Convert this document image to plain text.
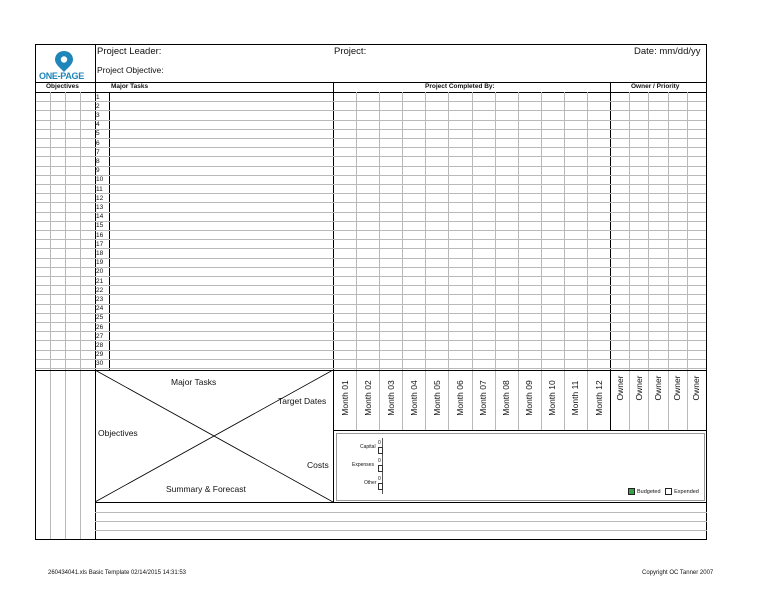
ONE-PAGE
Project Leader:	Project:	Date: mm/dd/yy
Project Objective:
Objectives	Major Tasks	Project Completed By:	Owner / Priority
1
2
3
4
5
6
7
8
9
10
11
12
13
14
15
16
17
18
19
20
21
22
23
24
25
26
27
28
29
30
Major Tasks
Target Dates
Objectives
Costs
Summary & Forecast
Month 01 Month 02 Month 03 Month 04 Month 05 Month 06 Month 07 Month 08 Month 09 Month 10 Month 11 Month 12 Owner Owner Owner Owner Owner
Capital
0
Expenses
0
Other
0
Budgeted Expended
260434041.xls Basic Template 02/14/2015 14:31:53	Copyright OC Tanner 2007
